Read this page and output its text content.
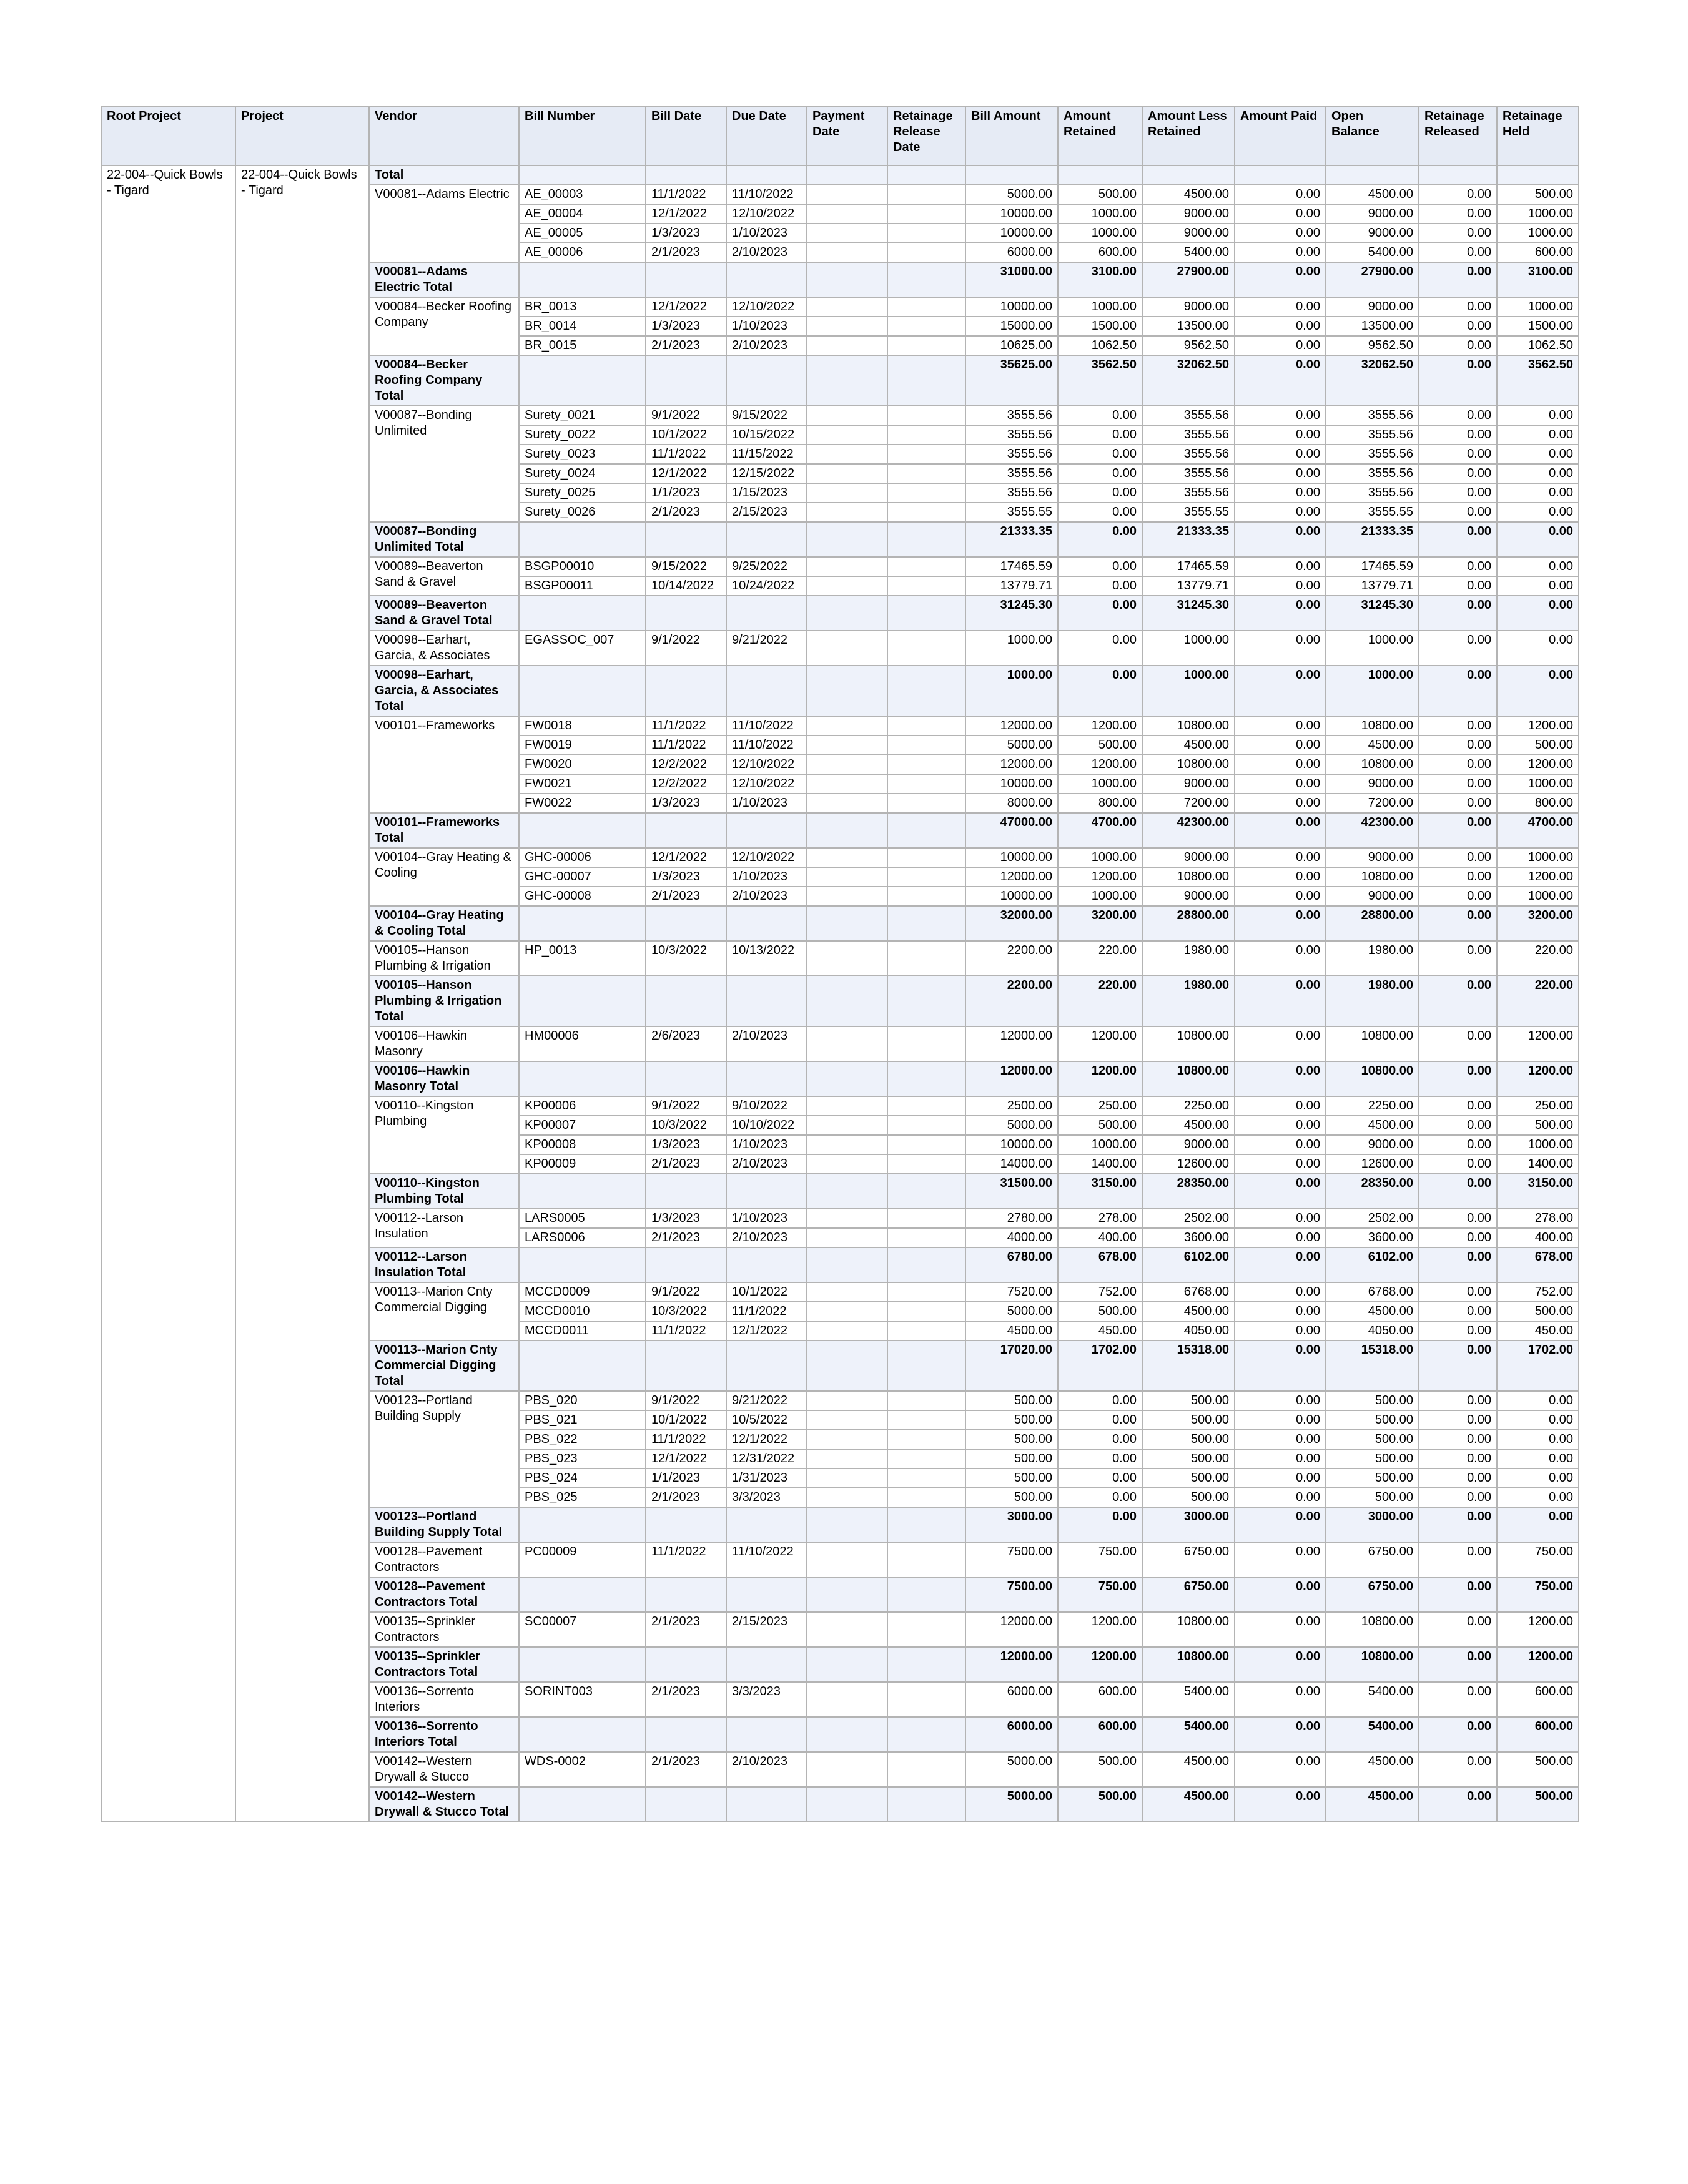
Root Project	Project	Vendor	Bill Number	Bill Date	Due Date	Payment Date	Retainage Release Date	Bill Amount	Amount Retained	Amount Less Retained	Amount Paid	Open Balance	Retainage Released	Retainage Held
22-004--Quick Bowls - Tigard	22-004--Quick Bowls - Tigard	Total												
		V00081--Adams Electric	AE_00003	11/1/2022	11/10/2022			5000.00	500.00	4500.00	0.00	4500.00	0.00	500.00
			AE_00004	12/1/2022	12/10/2022			10000.00	1000.00	9000.00	0.00	9000.00	0.00	1000.00
			AE_00005	1/3/2023	1/10/2023			10000.00	1000.00	9000.00	0.00	9000.00	0.00	1000.00
			AE_00006	2/1/2023	2/10/2023			6000.00	600.00	5400.00	0.00	5400.00	0.00	600.00
		V00081--Adams Electric Total						31000.00	3100.00	27900.00	0.00	27900.00	0.00	3100.00
		V00084--Becker Roofing Company	BR_0013	12/1/2022	12/10/2022			10000.00	1000.00	9000.00	0.00	9000.00	0.00	1000.00
			BR_0014	1/3/2023	1/10/2023			15000.00	1500.00	13500.00	0.00	13500.00	0.00	1500.00
			BR_0015	2/1/2023	2/10/2023			10625.00	1062.50	9562.50	0.00	9562.50	0.00	1062.50
		V00084--Becker Roofing Company Total						35625.00	3562.50	32062.50	0.00	32062.50	0.00	3562.50
		V00087--Bonding Unlimited	Surety_0021	9/1/2022	9/15/2022			3555.56	0.00	3555.56	0.00	3555.56	0.00	0.00
			Surety_0022	10/1/2022	10/15/2022			3555.56	0.00	3555.56	0.00	3555.56	0.00	0.00
			Surety_0023	11/1/2022	11/15/2022			3555.56	0.00	3555.56	0.00	3555.56	0.00	0.00
			Surety_0024	12/1/2022	12/15/2022			3555.56	0.00	3555.56	0.00	3555.56	0.00	0.00
			Surety_0025	1/1/2023	1/15/2023			3555.56	0.00	3555.56	0.00	3555.56	0.00	0.00
			Surety_0026	2/1/2023	2/15/2023			3555.55	0.00	3555.55	0.00	3555.55	0.00	0.00
		V00087--Bonding Unlimited Total						21333.35	0.00	21333.35	0.00	21333.35	0.00	0.00
		V00089--Beaverton Sand & Gravel	BSGP00010	9/15/2022	9/25/2022			17465.59	0.00	17465.59	0.00	17465.59	0.00	0.00
			BSGP00011	10/14/2022	10/24/2022			13779.71	0.00	13779.71	0.00	13779.71	0.00	0.00
		V00089--Beaverton Sand & Gravel Total						31245.30	0.00	31245.30	0.00	31245.30	0.00	0.00
		V00098--Earhart, Garcia, & Associates	EGASSOC_007	9/1/2022	9/21/2022			1000.00	0.00	1000.00	0.00	1000.00	0.00	0.00
		V00098--Earhart, Garcia, & Associates Total						1000.00	0.00	1000.00	0.00	1000.00	0.00	0.00
		V00101--Frameworks	FW0018	11/1/2022	11/10/2022			12000.00	1200.00	10800.00	0.00	10800.00	0.00	1200.00
			FW0019	11/1/2022	11/10/2022			5000.00	500.00	4500.00	0.00	4500.00	0.00	500.00
			FW0020	12/2/2022	12/10/2022			12000.00	1200.00	10800.00	0.00	10800.00	0.00	1200.00
			FW0021	12/2/2022	12/10/2022			10000.00	1000.00	9000.00	0.00	9000.00	0.00	1000.00
			FW0022	1/3/2023	1/10/2023			8000.00	800.00	7200.00	0.00	7200.00	0.00	800.00
		V00101--Frameworks Total						47000.00	4700.00	42300.00	0.00	42300.00	0.00	4700.00
		V00104--Gray Heating & Cooling	GHC-00006	12/1/2022	12/10/2022			10000.00	1000.00	9000.00	0.00	9000.00	0.00	1000.00
			GHC-00007	1/3/2023	1/10/2023			12000.00	1200.00	10800.00	0.00	10800.00	0.00	1200.00
			GHC-00008	2/1/2023	2/10/2023			10000.00	1000.00	9000.00	0.00	9000.00	0.00	1000.00
		V00104--Gray Heating & Cooling Total						32000.00	3200.00	28800.00	0.00	28800.00	0.00	3200.00
		V00105--Hanson Plumbing & Irrigation	HP_0013	10/3/2022	10/13/2022			2200.00	220.00	1980.00	0.00	1980.00	0.00	220.00
		V00105--Hanson Plumbing & Irrigation Total						2200.00	220.00	1980.00	0.00	1980.00	0.00	220.00
		V00106--Hawkin Masonry	HM00006	2/6/2023	2/10/2023			12000.00	1200.00	10800.00	0.00	10800.00	0.00	1200.00
		V00106--Hawkin Masonry Total						12000.00	1200.00	10800.00	0.00	10800.00	0.00	1200.00
		V00110--Kingston Plumbing	KP00006	9/1/2022	9/10/2022			2500.00	250.00	2250.00	0.00	2250.00	0.00	250.00
			KP00007	10/3/2022	10/10/2022			5000.00	500.00	4500.00	0.00	4500.00	0.00	500.00
			KP00008	1/3/2023	1/10/2023			10000.00	1000.00	9000.00	0.00	9000.00	0.00	1000.00
			KP00009	2/1/2023	2/10/2023			14000.00	1400.00	12600.00	0.00	12600.00	0.00	1400.00
		V00110--Kingston Plumbing Total						31500.00	3150.00	28350.00	0.00	28350.00	0.00	3150.00
		V00112--Larson Insulation	LARS0005	1/3/2023	1/10/2023			2780.00	278.00	2502.00	0.00	2502.00	0.00	278.00
			LARS0006	2/1/2023	2/10/2023			4000.00	400.00	3600.00	0.00	3600.00	0.00	400.00
		V00112--Larson Insulation Total						6780.00	678.00	6102.00	0.00	6102.00	0.00	678.00
		V00113--Marion Cnty Commercial Digging	MCCD0009	9/1/2022	10/1/2022			7520.00	752.00	6768.00	0.00	6768.00	0.00	752.00
			MCCD0010	10/3/2022	11/1/2022			5000.00	500.00	4500.00	0.00	4500.00	0.00	500.00
			MCCD0011	11/1/2022	12/1/2022			4500.00	450.00	4050.00	0.00	4050.00	0.00	450.00
		V00113--Marion Cnty Commercial Digging Total						17020.00	1702.00	15318.00	0.00	15318.00	0.00	1702.00
		V00123--Portland Building Supply	PBS_020	9/1/2022	9/21/2022			500.00	0.00	500.00	0.00	500.00	0.00	0.00
			PBS_021	10/1/2022	10/5/2022			500.00	0.00	500.00	0.00	500.00	0.00	0.00
			PBS_022	11/1/2022	12/1/2022			500.00	0.00	500.00	0.00	500.00	0.00	0.00
			PBS_023	12/1/2022	12/31/2022			500.00	0.00	500.00	0.00	500.00	0.00	0.00
			PBS_024	1/1/2023	1/31/2023			500.00	0.00	500.00	0.00	500.00	0.00	0.00
			PBS_025	2/1/2023	3/3/2023			500.00	0.00	500.00	0.00	500.00	0.00	0.00
		V00123--Portland Building Supply Total						3000.00	0.00	3000.00	0.00	3000.00	0.00	0.00
		V00128--Pavement Contractors	PC00009	11/1/2022	11/10/2022			7500.00	750.00	6750.00	0.00	6750.00	0.00	750.00
		V00128--Pavement Contractors Total						7500.00	750.00	6750.00	0.00	6750.00	0.00	750.00
		V00135--Sprinkler Contractors	SC00007	2/1/2023	2/15/2023			12000.00	1200.00	10800.00	0.00	10800.00	0.00	1200.00
		V00135--Sprinkler Contractors Total						12000.00	1200.00	10800.00	0.00	10800.00	0.00	1200.00
		V00136--Sorrento Interiors	SORINT003	2/1/2023	3/3/2023			6000.00	600.00	5400.00	0.00	5400.00	0.00	600.00
		V00136--Sorrento Interiors Total						6000.00	600.00	5400.00	0.00	5400.00	0.00	600.00
		V00142--Western Drywall & Stucco	WDS-0002	2/1/2023	2/10/2023			5000.00	500.00	4500.00	0.00	4500.00	0.00	500.00
		V00142--Western Drywall & Stucco Total						5000.00	500.00	4500.00	0.00	4500.00	0.00	500.00
